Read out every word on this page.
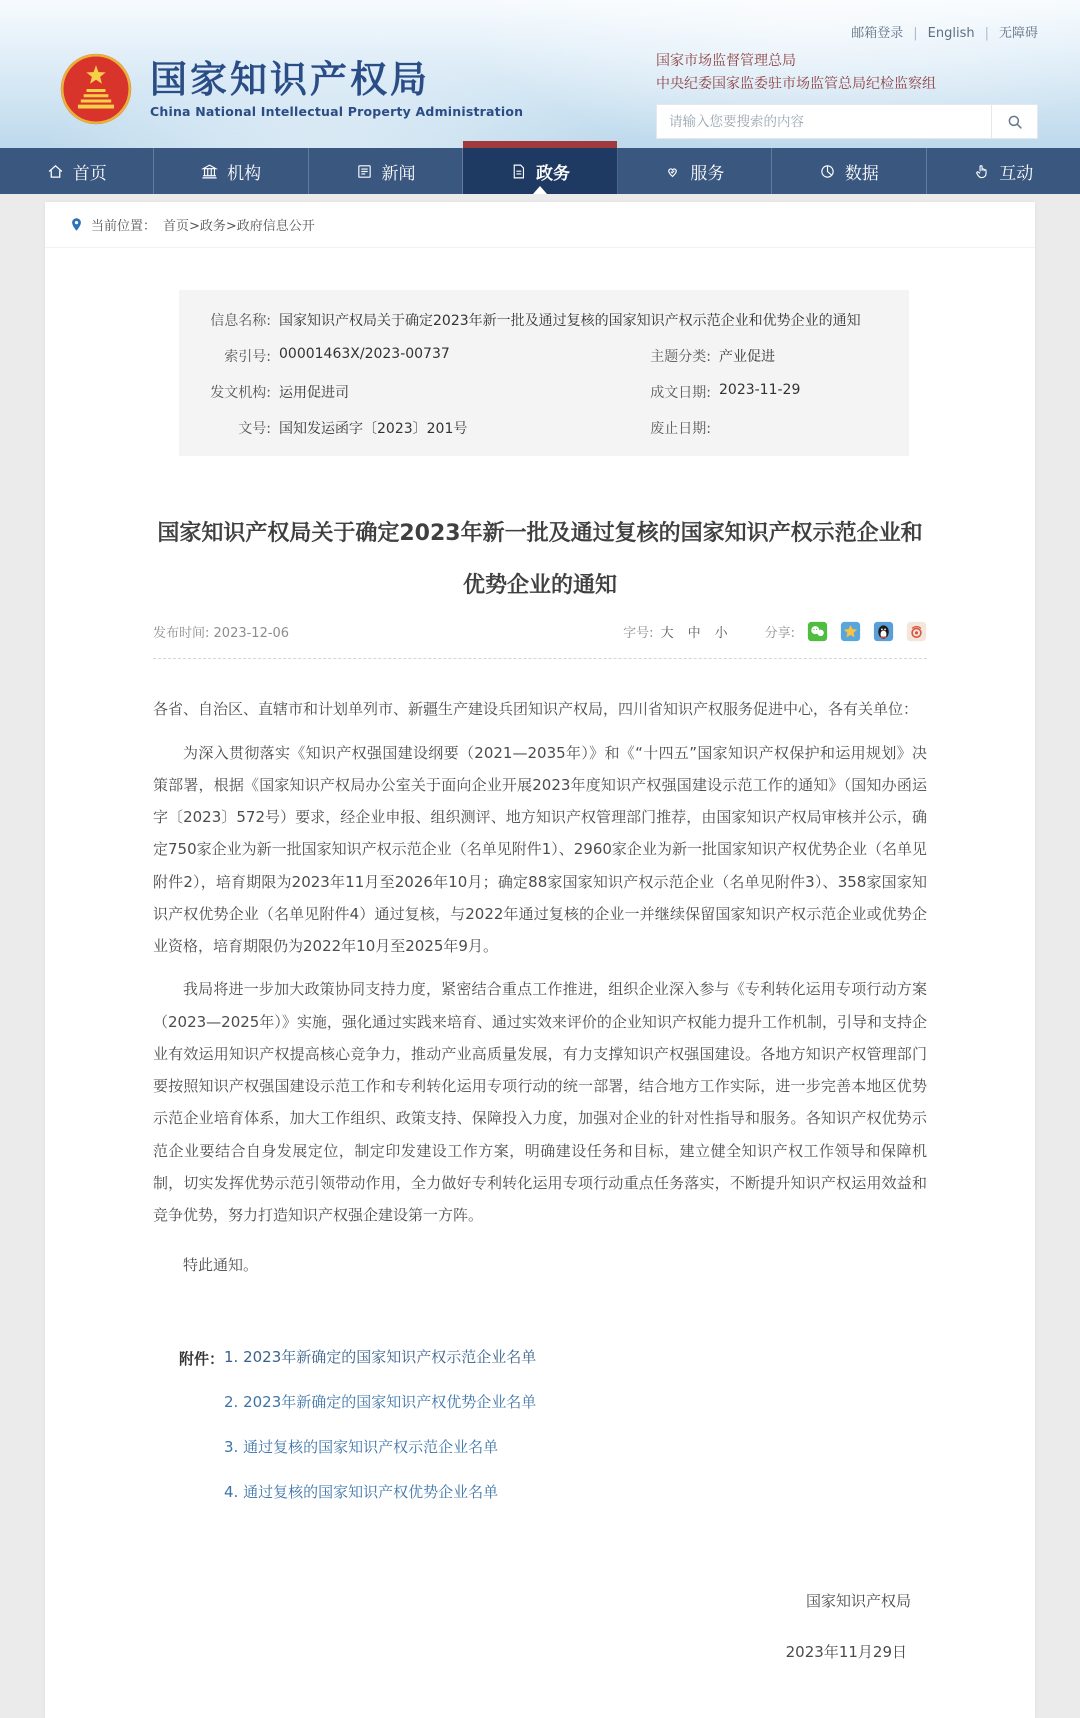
国家知识产权局
China National Intellectual Property Administration
邮箱登录 | English | 无障碍
国家市场监督管理总局
中央纪委国家监委驻市场监管总局纪检监察组
请输入您要搜索的内容
首页	机构	新闻	政务	服务	数据	互动
当前位置： 首页>政务>政府信息公开
信息名称: 国家知识产权局关于确定2023年新一批及通过复核的国家知识产权示范企业和优势企业的通知
索引号: 00001463X/2023-00737	主题分类: 产业促进
发文机构: 运用促进司	成文日期: 2023-11-29
文号: 国知发运函字〔2023〕201号	废止日期:
国家知识产权局关于确定2023年新一批及通过复核的国家知识产权示范企业和优势企业的通知
发布时间: 2023-12-06	字号: 大 中 小	分享:

各省、自治区、直辖市和计划单列市、新疆生产建设兵团知识产权局，四川省知识产权服务促进中心，各有关单位：

为深入贯彻落实《知识产权强国建设纲要（2021—2035年）》和《“十四五”国家知识产权保护和运用规划》决策部署，根据《国家知识产权局办公室关于面向企业开展2023年度知识产权强国建设示范工作的通知》（国知办函运字〔2023〕572号）要求，经企业申报、组织测评、地方知识产权管理部门推荐，由国家知识产权局审核并公示，确定750家企业为新一批国家知识产权示范企业（名单见附件1）、2960家企业为新一批国家知识产权优势企业（名单见附件2），培育期限为2023年11月至2026年10月；确定88家国家知识产权示范企业（名单见附件3）、358家国家知识产权优势企业（名单见附件4）通过复核，与2022年通过复核的企业一并继续保留国家知识产权示范企业或优势企业资格，培育期限仍为2022年10月至2025年9月。

我局将进一步加大政策协同支持力度，紧密结合重点工作推进，组织企业深入参与《专利转化运用专项行动方案（2023—2025年）》实施，强化通过实践来培育、通过实效来评价的企业知识产权能力提升工作机制，引导和支持企业有效运用知识产权提高核心竞争力，推动产业高质量发展，有力支撑知识产权强国建设。各地方知识产权管理部门要按照知识产权强国建设示范工作和专利转化运用专项行动的统一部署，结合地方工作实际，进一步完善本地区优势示范企业培育体系，加大工作组织、政策支持、保障投入力度，加强对企业的针对性指导和服务。各知识产权优势示范企业要结合自身发展定位，制定印发建设工作方案，明确建设任务和目标，建立健全知识产权工作领导和保障机制，切实发挥优势示范引领带动作用，全力做好专利转化运用专项行动重点任务落实，不断提升知识产权运用效益和竞争优势，努力打造知识产权强企建设第一方阵。

特此通知。

附件： 1. 2023年新确定的国家知识产权示范企业名单
2. 2023年新确定的国家知识产权优势企业名单
3. 通过复核的国家知识产权示范企业名单
4. 通过复核的国家知识产权优势企业名单
国家知识产权局
2023年11月29日
